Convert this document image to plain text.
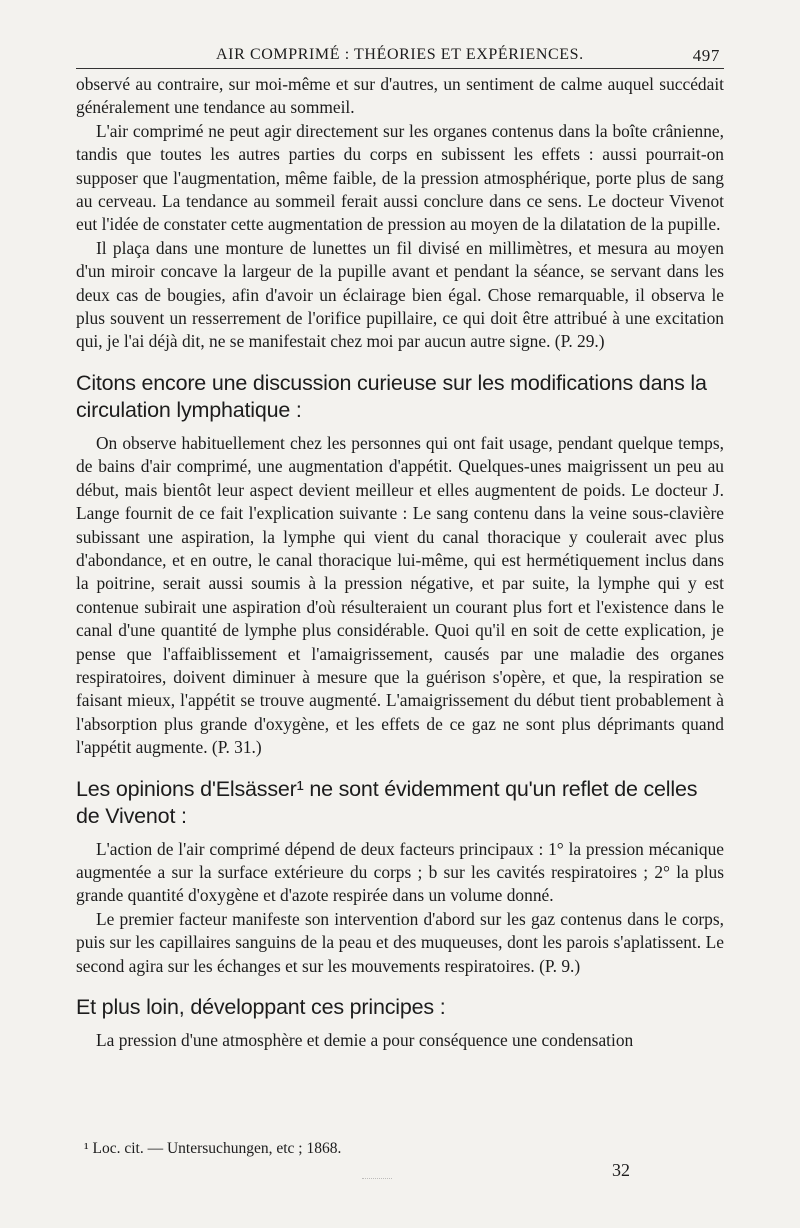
AIR COMPRIMÉ : THÉORIES ET EXPÉRIENCES.	497

observé au contraire, sur moi-même et sur d'autres, un sentiment de calme auquel succédait généralement une tendance au sommeil.

L'air comprimé ne peut agir directement sur les organes contenus dans la boîte crânienne, tandis que toutes les autres parties du corps en subissent les effets : aussi pourrait-on supposer que l'augmentation, même faible, de la pression atmosphérique, porte plus de sang au cerveau. La tendance au sommeil ferait aussi conclure dans ce sens. Le docteur Vivenot eut l'idée de constater cette augmentation de pression au moyen de la dilatation de la pupille.

Il plaça dans une monture de lunettes un fil divisé en millimètres, et mesura au moyen d'un miroir concave la largeur de la pupille avant et pendant la séance, se servant dans les deux cas de bougies, afin d'avoir un éclairage bien égal. Chose remarquable, il observa le plus souvent un resserrement de l'orifice pupillaire, ce qui doit être attribué à une excitation qui, je l'ai déjà dit, ne se manifestait chez moi par aucun autre signe. (P. 29.)

Citons encore une discussion curieuse sur les modifications dans la circulation lymphatique :

On observe habituellement chez les personnes qui ont fait usage, pendant quelque temps, de bains d'air comprimé, une augmentation d'appétit. Quelques-unes maigrissent un peu au début, mais bientôt leur aspect devient meilleur et elles augmentent de poids. Le docteur J. Lange fournit de ce fait l'explication suivante : Le sang contenu dans la veine sous-clavière subissant une aspiration, la lymphe qui vient du canal thoracique y coulerait avec plus d'abondance, et en outre, le canal thoracique lui-même, qui est hermétiquement inclus dans la poitrine, serait aussi soumis à la pression négative, et par suite, la lymphe qui y est contenue subirait une aspiration d'où résulteraient un courant plus fort et l'existence dans le canal d'une quantité de lymphe plus considérable. Quoi qu'il en soit de cette explication, je pense que l'affaiblissement et l'amaigrissement, causés par une maladie des organes respiratoires, doivent diminuer à mesure que la guérison s'opère, et que, la respiration se faisant mieux, l'appétit se trouve augmenté. L'amaigrissement du début tient probablement à l'absorption plus grande d'oxygène, et les effets de ce gaz ne sont plus déprimants quand l'appétit augmente. (P. 31.)

Les opinions d'Elsässer¹ ne sont évidemment qu'un reflet de celles de Vivenot :

L'action de l'air comprimé dépend de deux facteurs principaux : 1° la pression mécanique augmentée a sur la surface extérieure du corps ; b sur les cavités respiratoires ; 2° la plus grande quantité d'oxygène et d'azote respirée dans un volume donné.

Le premier facteur manifeste son intervention d'abord sur les gaz contenus dans le corps, puis sur les capillaires sanguins de la peau et des muqueuses, dont les parois s'aplatissent. Le second agira sur les échanges et sur les mouvements respiratoires. (P. 9.)

Et plus loin, développant ces principes :

La pression d'une atmosphère et demie a pour conséquence une condensation

¹ Loc. cit. — Untersuchungen, etc ; 1868.
32
